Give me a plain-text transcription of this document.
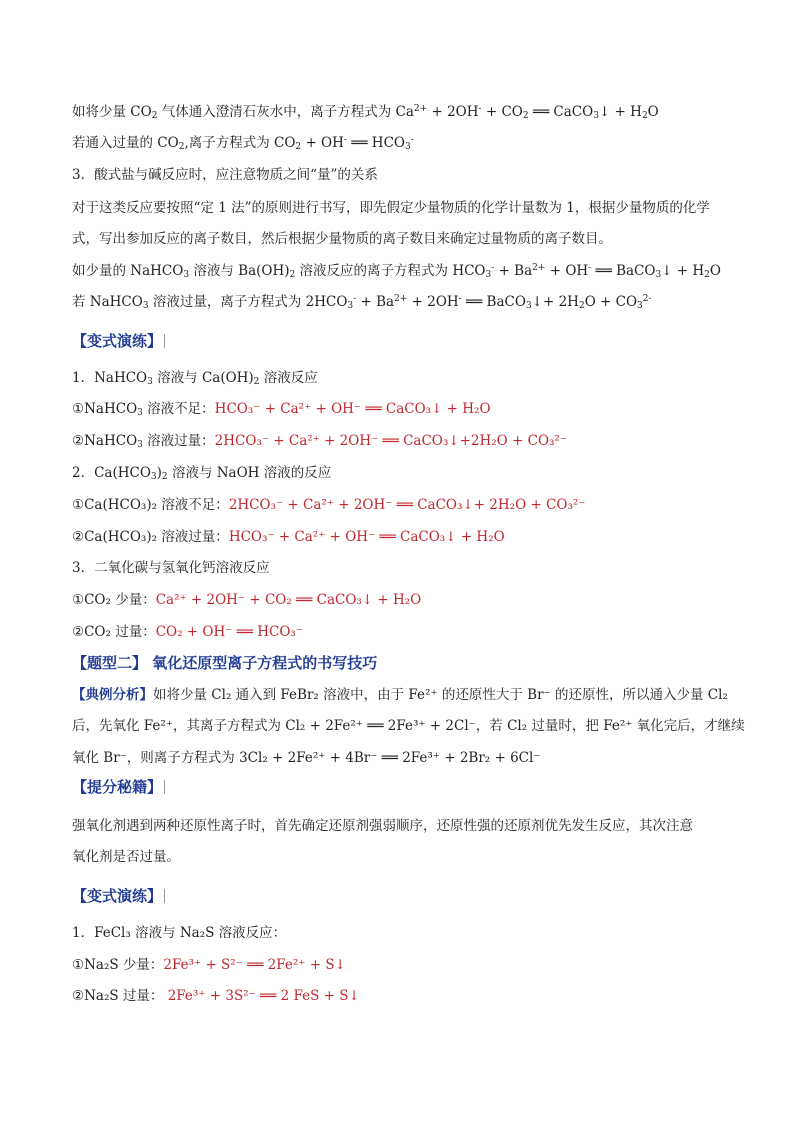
如将少量 $CO_2$ 气体通入澄清石灰水中，离子方程式为 $Ca^{2+} + 2OH^- + CO_2$ ══ CaCO$_3$↓ + $H_2O$
若通入过量的 $CO_2$,离子方程式为 $CO_2 + OH^-$ ══ $HCO_3^-$
3．酸式盐与碱反应时，应注意物质之间“量”的关系
对于这类反应要按照“定 1 法”的原则进行书写，即先假定少量物质的化学计量数为 1，根据少量物质的化学
式，写出参加反应的离子数目，然后根据少量物质的离子数目来确定过量物质的离子数目。
如少量的 NaHCO$_3$ 溶液与 $Ba(OH)_2$ 溶液反应的离子方程式为 $HCO_3^- + Ba^{2+} + OH^-$ ══ BaCO$_3$↓ + $H_2O$
若 NaHCO$_3$ 溶液过量，离子方程式为 $2HCO_3^- + Ba^{2+} + 2OH^-$ ══ BaCO$_3$↓+ $2H_2O + CO_3^{2-}$
【变式演练】
1．NaHCO$_3$ 溶液与 $Ca(OH)_2$ 溶液反应
①NaHCO$_3$ 溶液不足：HCO₃⁻ + Ca²⁺ + OH⁻ ══ CaCO₃↓ + H₂O
②NaHCO$_3$ 溶液过量：2HCO₃⁻ + Ca²⁺ + 2OH⁻ ══ CaCO₃↓+2H₂O + CO₃²⁻
2．$Ca(HCO_3)_2$ 溶液与 NaOH 溶液的反应
①Ca(HCO₃)₂ 溶液不足：2HCO₃⁻ + Ca²⁺ + 2OH⁻ ══ CaCO₃↓+ 2H₂O + CO₃²⁻
②Ca(HCO₃)₂ 溶液过量：HCO₃⁻ + Ca²⁺ + OH⁻ ══ CaCO₃↓ + H₂O
3．二氧化碳与氢氧化钙溶液反应
①CO₂ 少量：Ca²⁺ + 2OH⁻ + CO₂ ══ CaCO₃↓ + H₂O
②CO₂ 过量：CO₂ + OH⁻ ══ HCO₃⁻
【题型二】 氧化还原型离子方程式的书写技巧
【典例分析】如将少量 Cl₂ 通入到 FeBr₂ 溶液中，由于 Fe²⁺ 的还原性大于 Br⁻ 的还原性，所以通入少量 Cl₂
后，先氧化 Fe²⁺，其离子方程式为 Cl₂ + 2Fe²⁺ ══ 2Fe³⁺ + 2Cl⁻，若 Cl₂ 过量时，把 Fe²⁺ 氧化完后，才继续
氧化 Br⁻，则离子方程式为 3Cl₂ + 2Fe²⁺ + 4Br⁻ ══ 2Fe³⁺ + 2Br₂ + 6Cl⁻
【提分秘籍】
强氧化剂遇到两种还原性离子时，首先确定还原剂强弱顺序，还原性强的还原剂优先发生反应，其次注意
氧化剂是否过量。
【变式演练】
1．FeCl₃ 溶液与 Na₂S 溶液反应：
①Na₂S 少量：2Fe³⁺ + S²⁻ ══ 2Fe²⁺ + S↓
②Na₂S 过量： 2Fe³⁺ + 3S²⁻ ══ 2 FeS + S↓
